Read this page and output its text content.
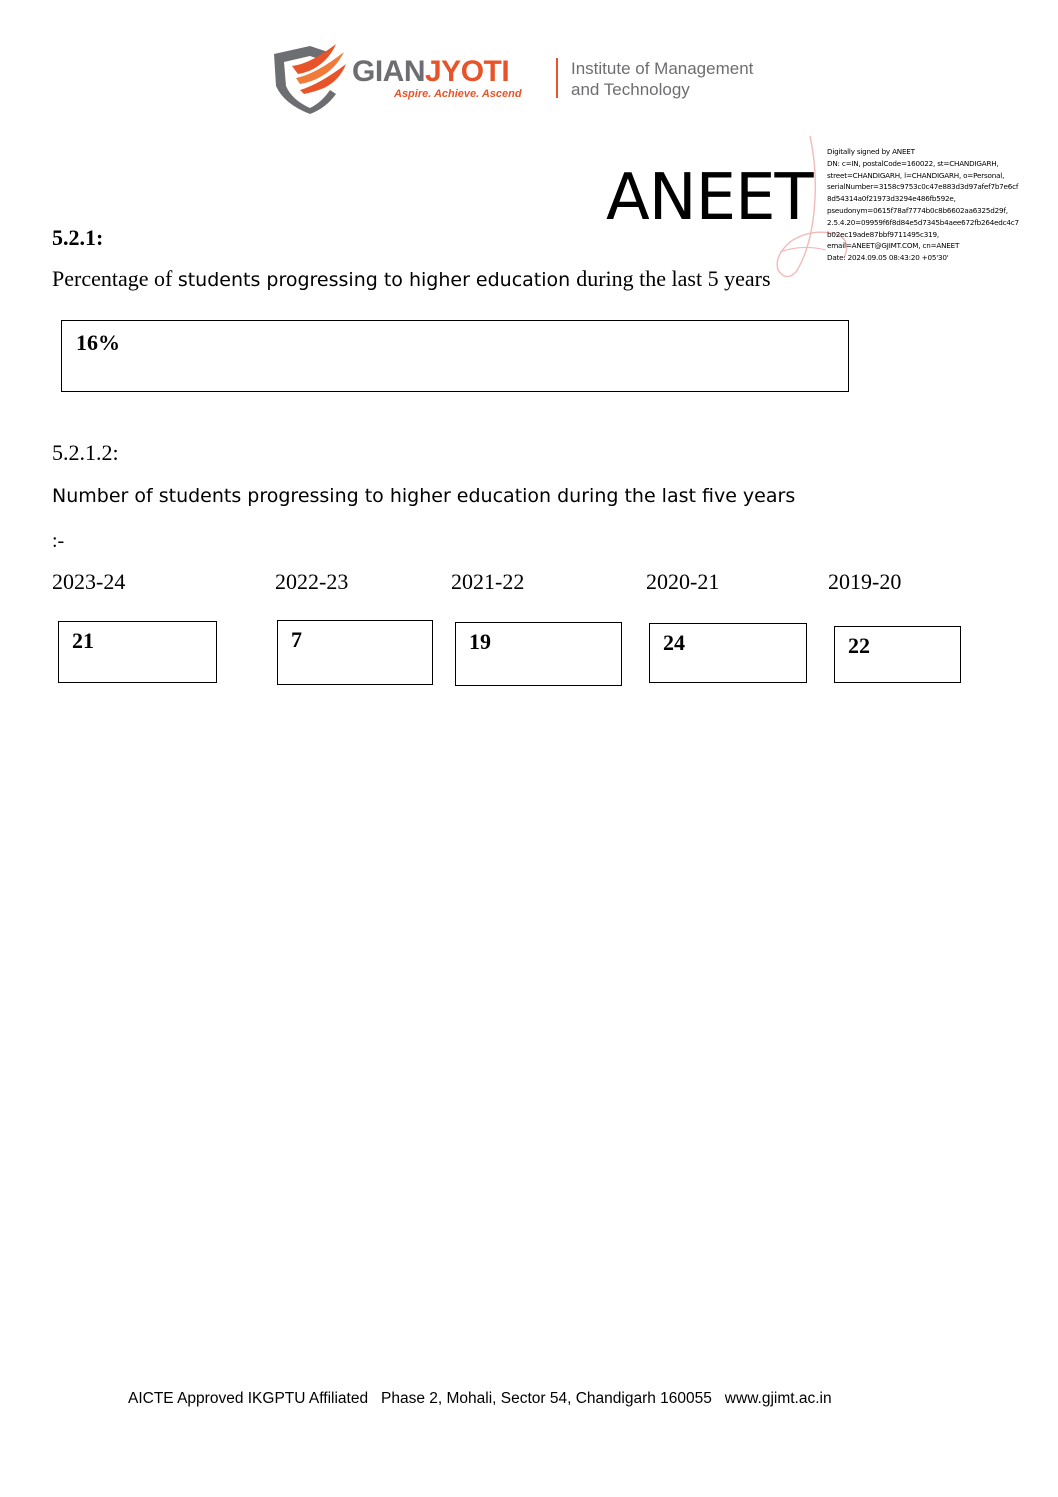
GIANJYOTI
Aspire. Achieve. Ascend
Institute of Management
and Technology
ANEET
Digitally signed by ANEET
DN: c=IN, postalCode=160022, st=CHANDIGARH,
street=CHANDIGARH, l=CHANDIGARH, o=Personal,
serialNumber=3158c9753c0c47e883d3d97afef7b7e6cf
8d54314a0f21973d3294e486fb592e,
pseudonym=0615f78af7774b0c8b6602aa6325d29f,
2.5.4.20=09959f6f8d84e5d7345b4aee672fb264edc4c7
b02ec19ade87bbf9711495c319,
email=ANEET@GJIMT.COM, cn=ANEET
Date: 2024.09.05 08:43:20 +05'30'
5.2.1:
Percentage of students progressing to higher education during the last 5 years
16%
5.2.1.2:
Number of students progressing to higher education during the last five years
:-
2023-24	2022-23	2021-22	2020-21	2019-20
21	7	19	24	22
AICTE Approved IKGPTU Affiliated   Phase 2, Mohali, Sector 54, Chandigarh 160055   www.gjimt.ac.in
